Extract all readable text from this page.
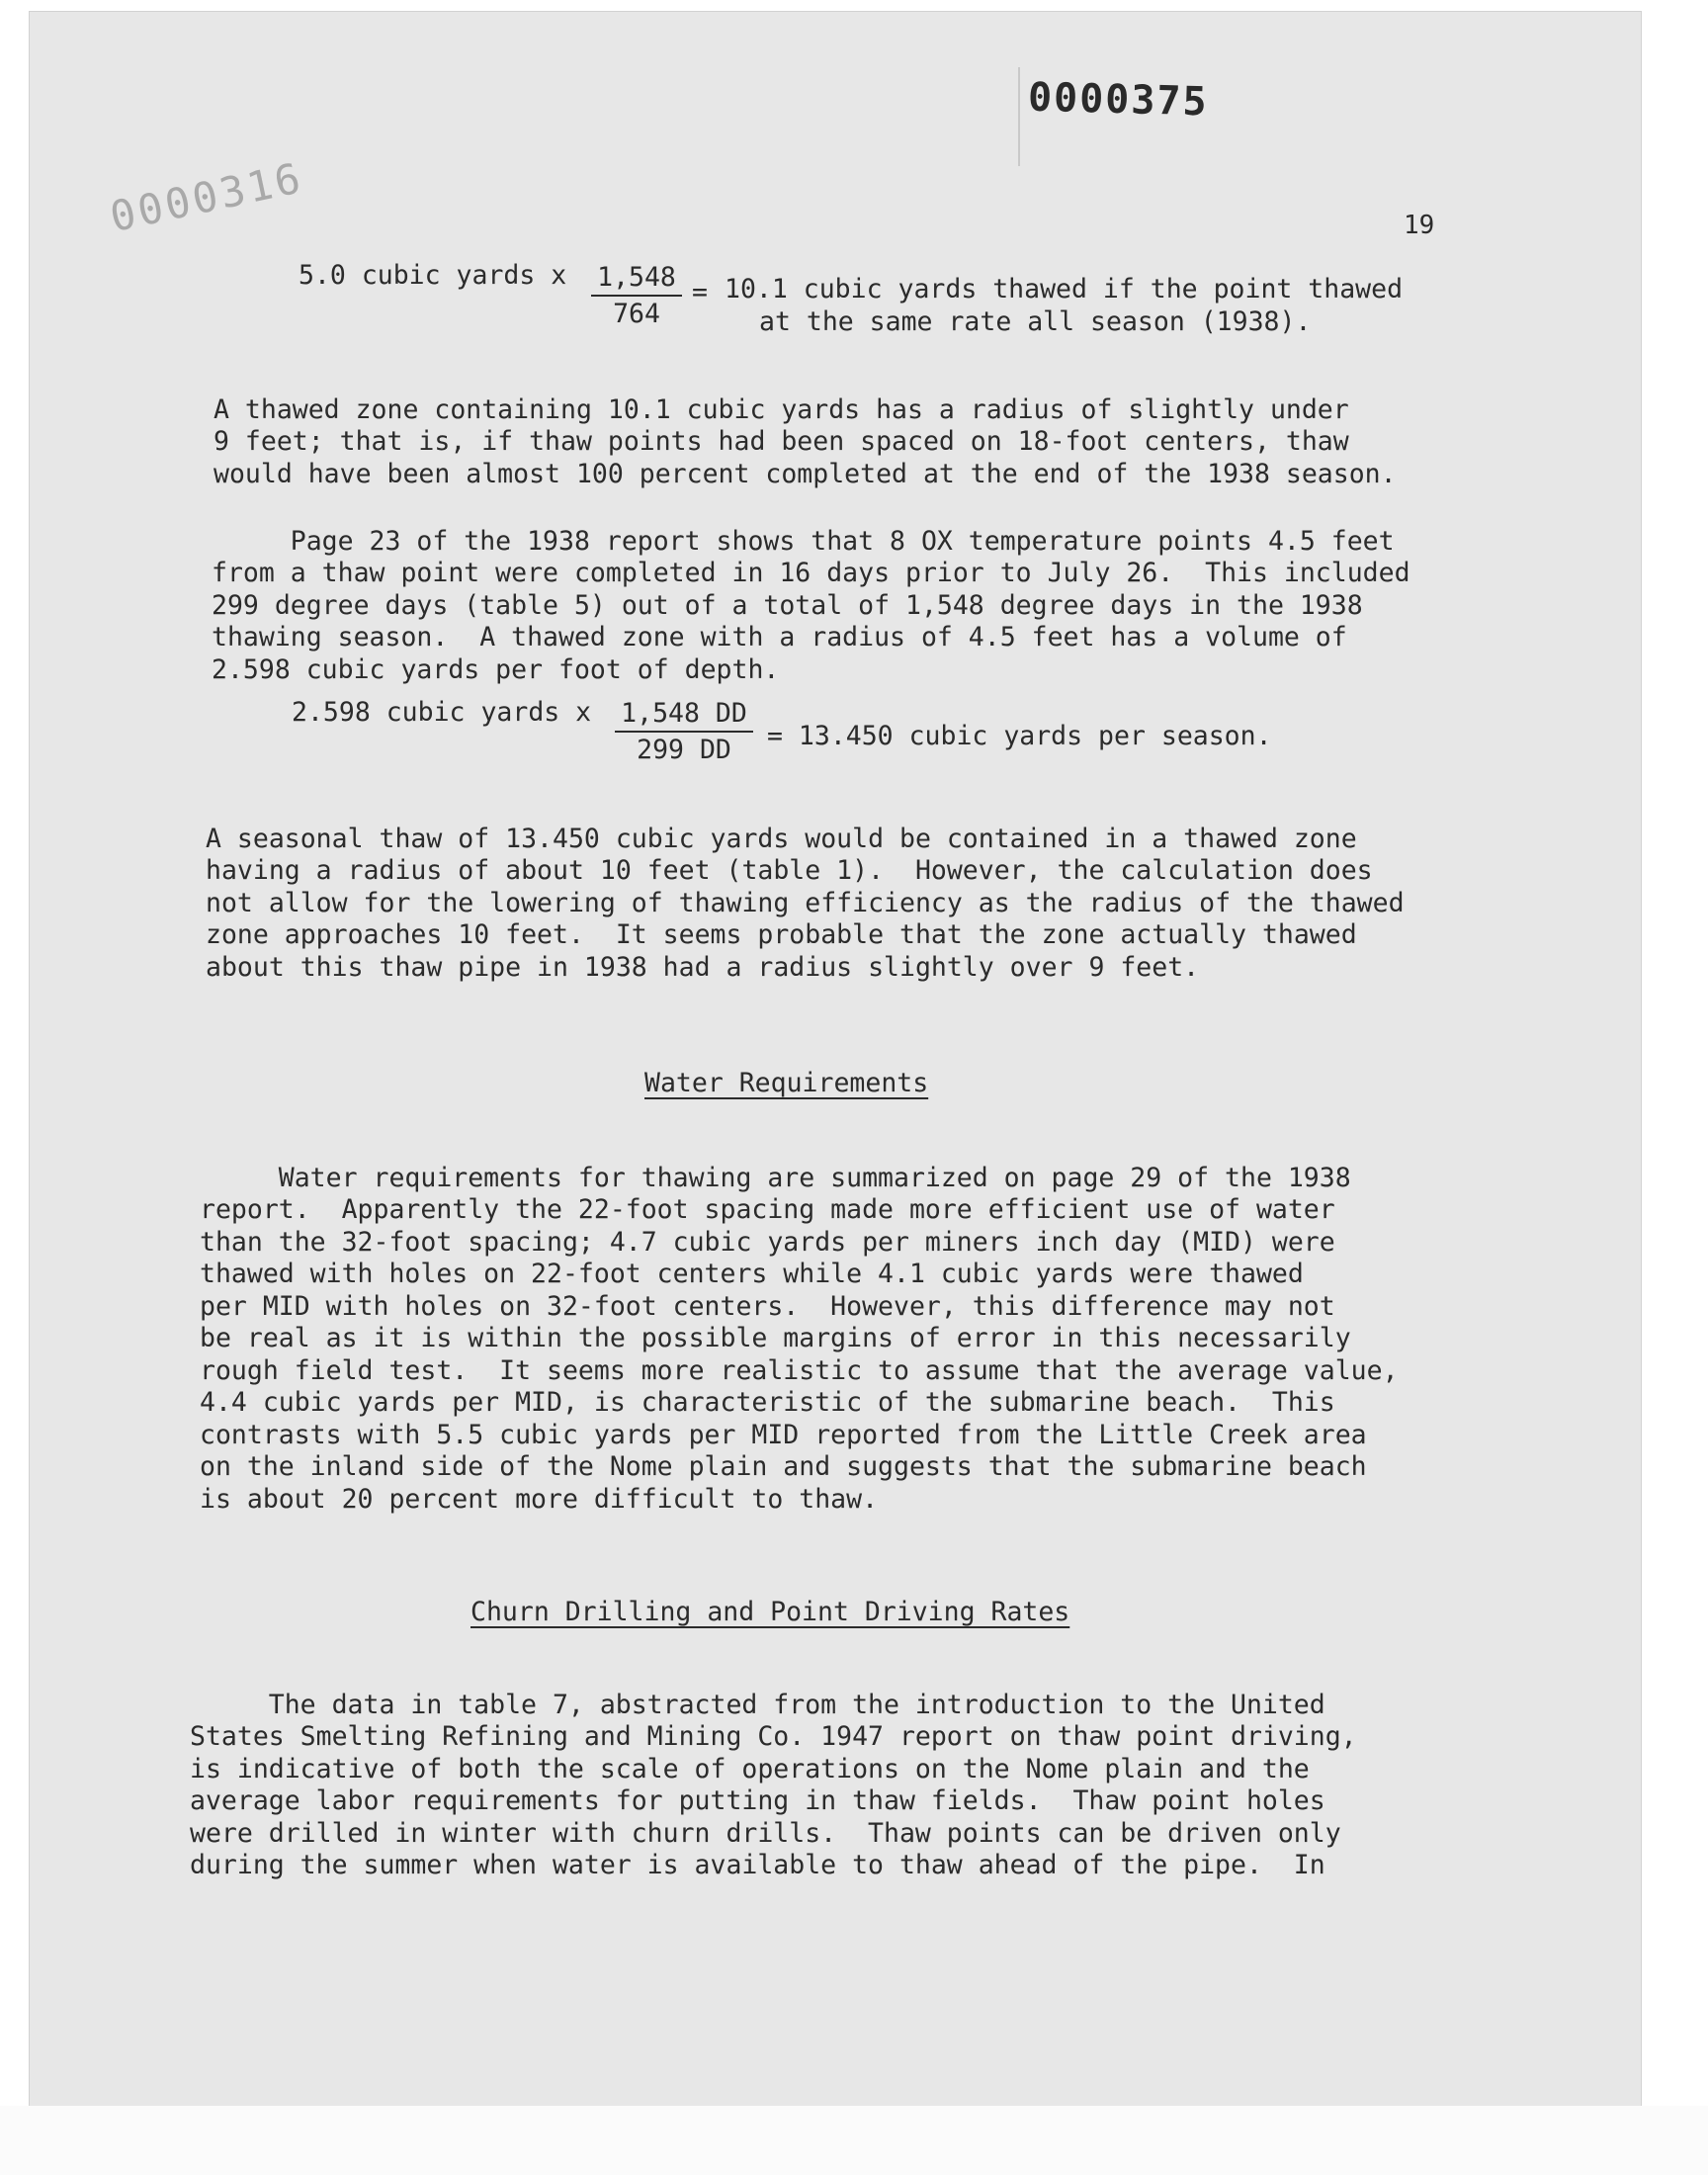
0000375
0000316	19
5.0 cubic yards x $\frac{1,548}{764} = 10.1$ cubic yards thawed if the point thawed
at the same rate all season (1938).

A thawed zone containing 10.1 cubic yards has a radius of slightly under
9 feet; that is, if thaw points had been spaced on 18-foot centers, thaw
would have been almost 100 percent completed at the end of the 1938 season.

Page 23 of the 1938 report shows that 8 OX temperature points 4.5 feet
from a thaw point were completed in 16 days prior to July 26.  This included
299 degree days (table 5) out of a total of 1,548 degree days in the 1938
thawing season.  A thawed zone with a radius of 4.5 feet has a volume of
2.598 cubic yards per foot of depth.
2.598 cubic yards x $\frac{1,548 DD}{299 DD} = 13.450$ cubic yards per season.

A seasonal thaw of 13.450 cubic yards would be contained in a thawed zone
having a radius of about 10 feet (table 1).  However, the calculation does
not allow for the lowering of thawing efficiency as the radius of the thawed
zone approaches 10 feet.  It seems probable that the zone actually thawed
about this thaw pipe in 1938 had a radius slightly over 9 feet.
Water Requirements

Water requirements for thawing are summarized on page 29 of the 1938
report.  Apparently the 22-foot spacing made more efficient use of water
than the 32-foot spacing; 4.7 cubic yards per miners inch day (MID) were
thawed with holes on 22-foot centers while 4.1 cubic yards were thawed
per MID with holes on 32-foot centers.  However, this difference may not
be real as it is within the possible margins of error in this necessarily
rough field test.  It seems more realistic to assume that the average value,
4.4 cubic yards per MID, is characteristic of the submarine beach.  This
contrasts with 5.5 cubic yards per MID reported from the Little Creek area
on the inland side of the Nome plain and suggests that the submarine beach
is about 20 percent more difficult to thaw.
Churn Drilling and Point Driving Rates

The data in table 7, abstracted from the introduction to the United
States Smelting Refining and Mining Co. 1947 report on thaw point driving,
is indicative of both the scale of operations on the Nome plain and the
average labor requirements for putting in thaw fields.  Thaw point holes
were drilled in winter with churn drills.  Thaw points can be driven only
during the summer when water is available to thaw ahead of the pipe.  In
